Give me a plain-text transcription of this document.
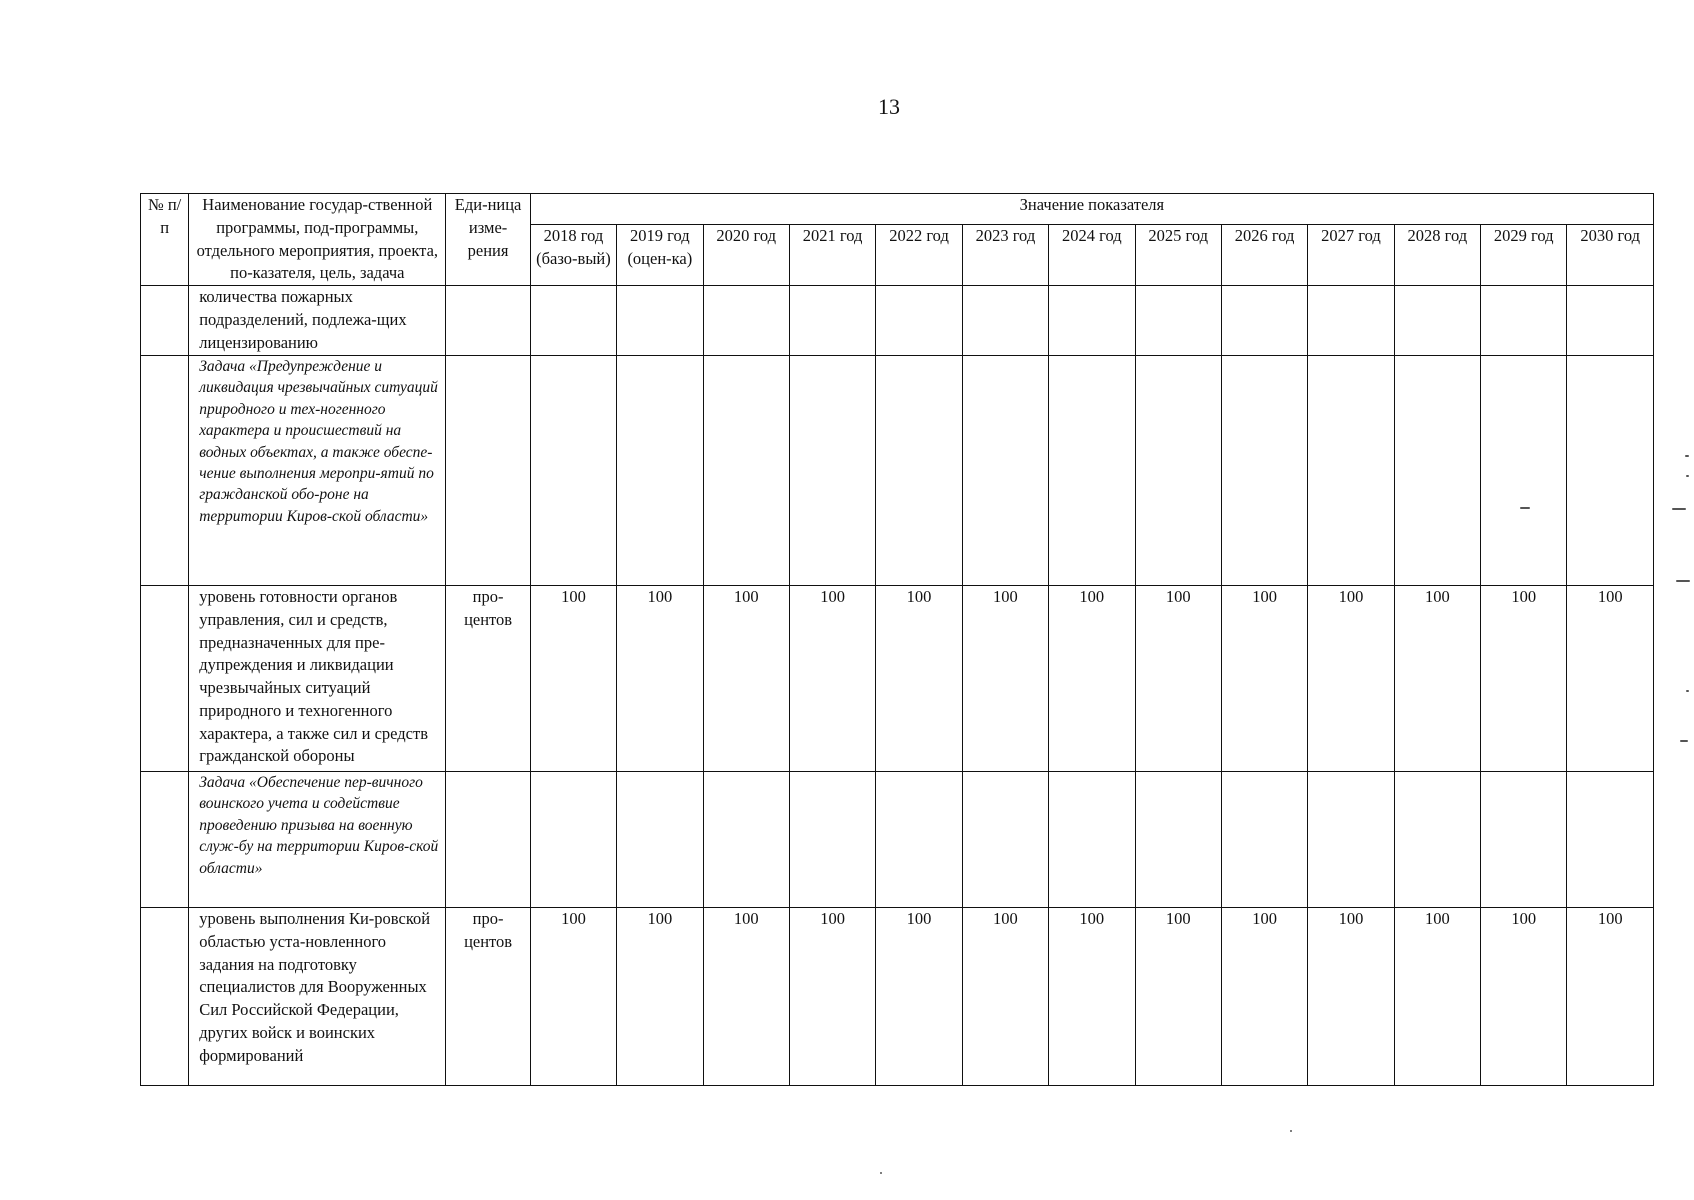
13
№ п/п	Наименование государ-ственной программы, под-программы, отдельного мероприятия, проекта, по-казателя, цель, задача	Еди-ница изме-рения	Значение показателя												
			2018 год (базо-вый)	2019 год (оцен-ка)	2020 год	2021 год	2022 год	2023 год	2024 год	2025 год	2026 год	2027 год	2028 год	2029 год	2030 год
	количества пожарных подразделений, подлежа-щих лицензированию														
	Задача «Предупреждение и ликвидация чрезвычайных ситуаций природного и тех-ногенного характера и происшествий на водных объектах, а также обеспе-чение выполнения меропри-ятий по гражданской обо-роне на территории Киров-ской области»														
	уровень готовности органов управления, сил и средств, предназначенных для пре-дупреждения и ликвидации чрезвычайных ситуаций природного и техногенного характера, а также сил и средств гражданской обороны	про-центов	100	100	100	100	100	100	100	100	100	100	100	100	100
	Задача «Обеспечение пер-вичного воинского учета и содействие проведению призыва на военную служ-бу на территории Киров-ской области»														
	уровень выполнения Ки-ровской областью уста-новленного задания на подготовку специалистов для Вооруженных Сил Российской Федерации, других войск и воинских формирований	про-центов	100	100	100	100	100	100	100	100	100	100	100	100	100
